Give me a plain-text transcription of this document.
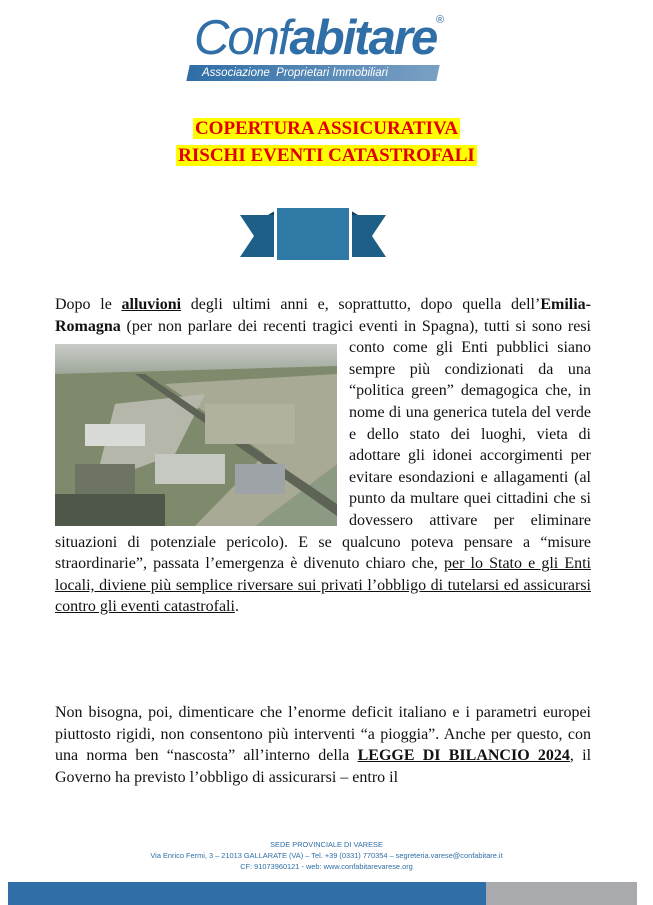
Confabitare ®
Associazione Proprietari Immobiliari
COPERTURA ASSICURATIVA
RISCHI EVENTI CATASTROFALI
Dopo le alluvioni degli ultimi anni e, soprattutto, dopo quella dell’Emilia-Romagna (per non parlare dei recenti tragici eventi in Spagna), tutti si sono resi conto come gli Enti pubblici
siano sempre più condizionati da una “politica green” demagogica che, in nome di una generica tutela del verde e dello stato dei luoghi, vieta di adottare gli idonei accorgimenti per evitare esondazioni e allagamenti (al punto da multare quei cittadini che si dovessero attivare per eliminare situazioni di potenziale pericolo). E se qualcuno poteva pensare a “misure straordinarie”, passata l’emergenza è divenuto chiaro che, per lo Stato e gli Enti locali, diviene più semplice riversare sui privati l’obbligo di tutelarsi ed assicurarsi contro gli eventi catastrofali.
Non bisogna, poi, dimenticare che l’enorme deficit italiano e i parametri europei piuttosto rigidi, non consentono più interventi “a pioggia”. Anche per questo, con una norma ben “nascosta” all’interno della LEGGE DI BILANCIO 2024, il Governo ha previsto l’obbligo di assicurarsi – entro il
SEDE PROVINCIALE DI VARESE
Via Enrico Fermi, 3 – 21013 GALLARATE (VA) – Tel. +39 (0331) 770354 – segreteria.varese@confabitare.it
CF: 91073960121 - web: www.confabitarevarese.org
